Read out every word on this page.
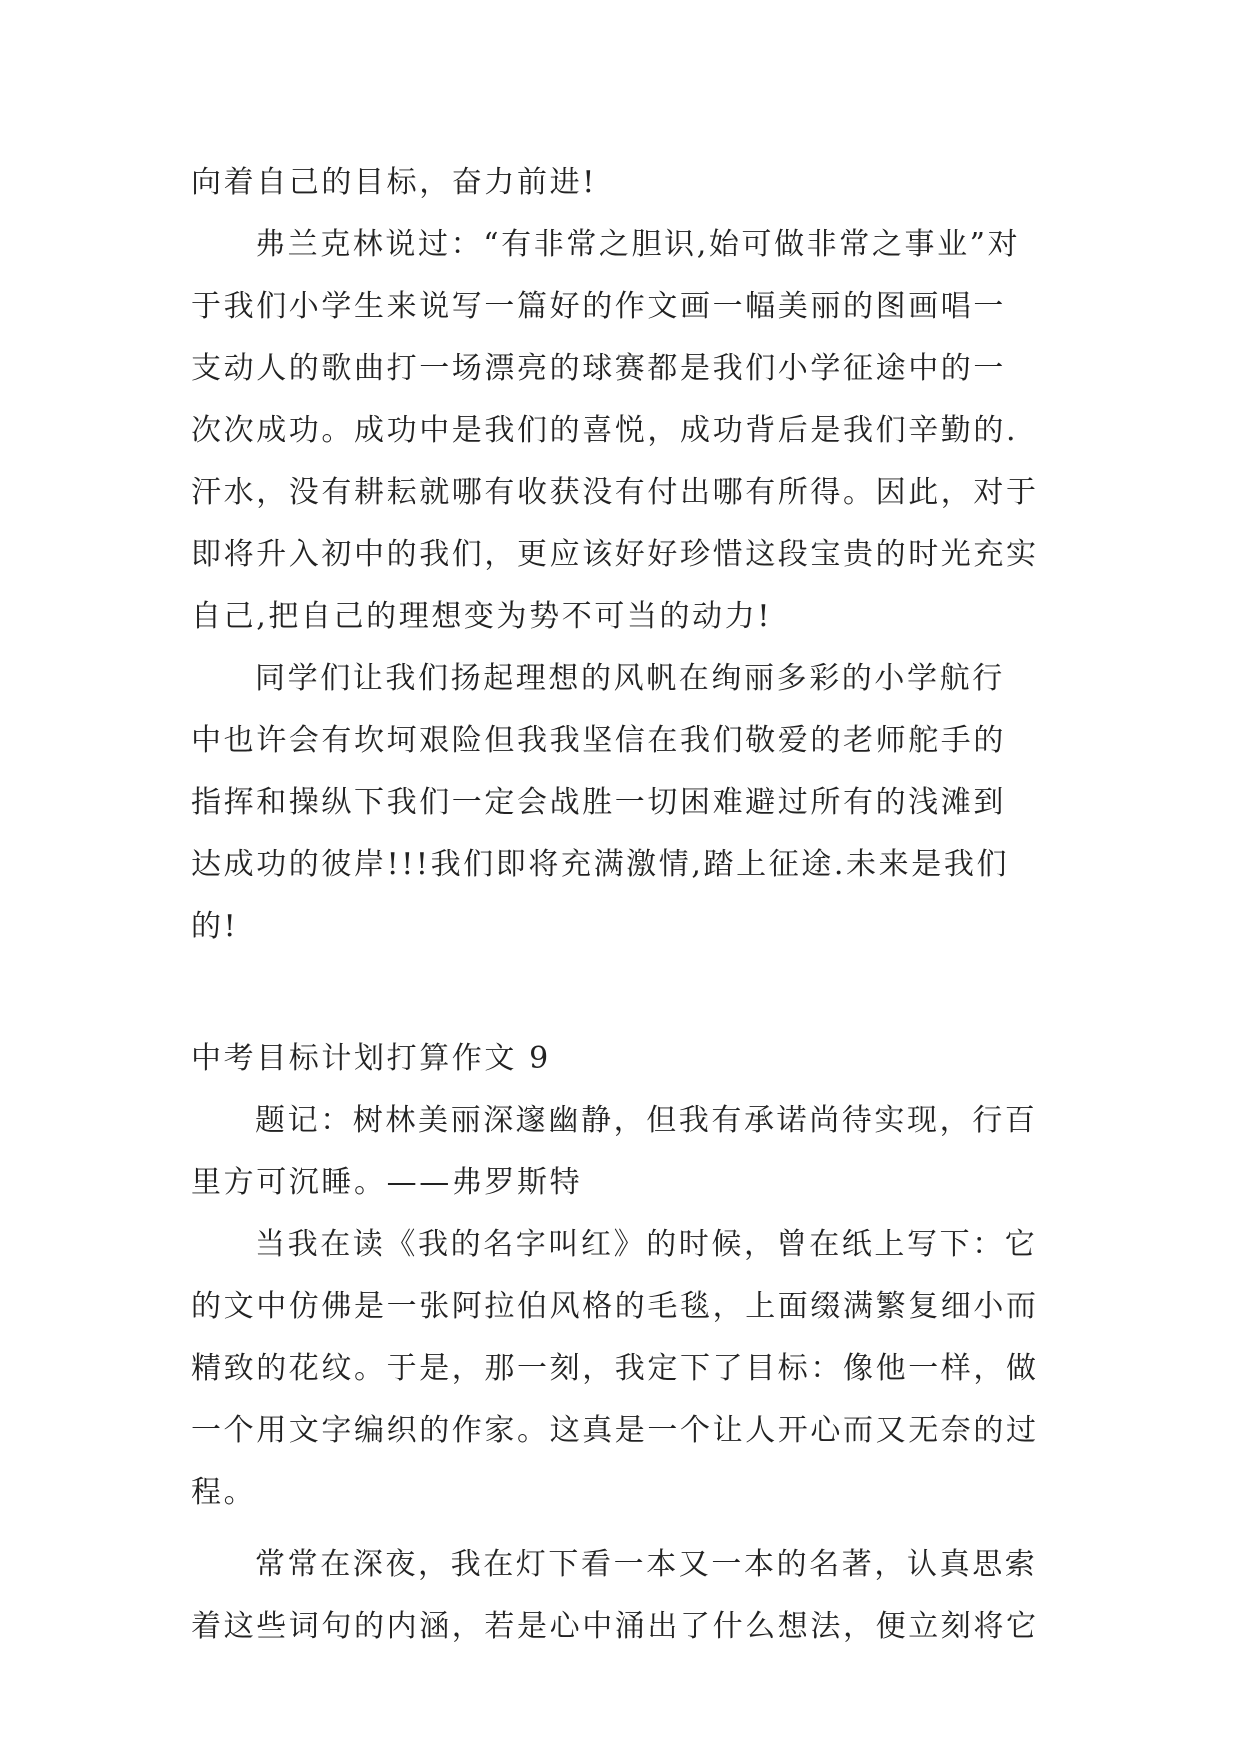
向着自己的目标，奋力前进!
弗兰克林说过：“有非常之胆识,始可做非常之事业”对
于我们小学生来说写一篇好的作文画一幅美丽的图画唱一
支动人的歌曲打一场漂亮的球赛都是我们小学征途中的一
次次成功。成功中是我们的喜悦，成功背后是我们辛勤的.
汗水，没有耕耘就哪有收获没有付出哪有所得。因此，对于
即将升入初中的我们，更应该好好珍惜这段宝贵的时光充实
自己,把自己的理想变为势不可当的动力!
同学们让我们扬起理想的风帆在绚丽多彩的小学航行
中也许会有坎坷艰险但我我坚信在我们敬爱的老师舵手的
指挥和操纵下我们一定会战胜一切困难避过所有的浅滩到
达成功的彼岸!!!我们即将充满激情,踏上征途.未来是我们
的!
中考目标计划打算作文 9
题记：树林美丽深邃幽静，但我有承诺尚待实现，行百
里方可沉睡。——弗罗斯特
当我在读《我的名字叫红》的时候，曾在纸上写下：它
的文中仿佛是一张阿拉伯风格的毛毯，上面缀满繁复细小而
精致的花纹。于是，那一刻，我定下了目标：像他一样，做
一个用文字编织的作家。这真是一个让人开心而又无奈的过
程。
常常在深夜，我在灯下看一本又一本的名著，认真思索
着这些词句的内涵，若是心中涌出了什么想法，便立刻将它
